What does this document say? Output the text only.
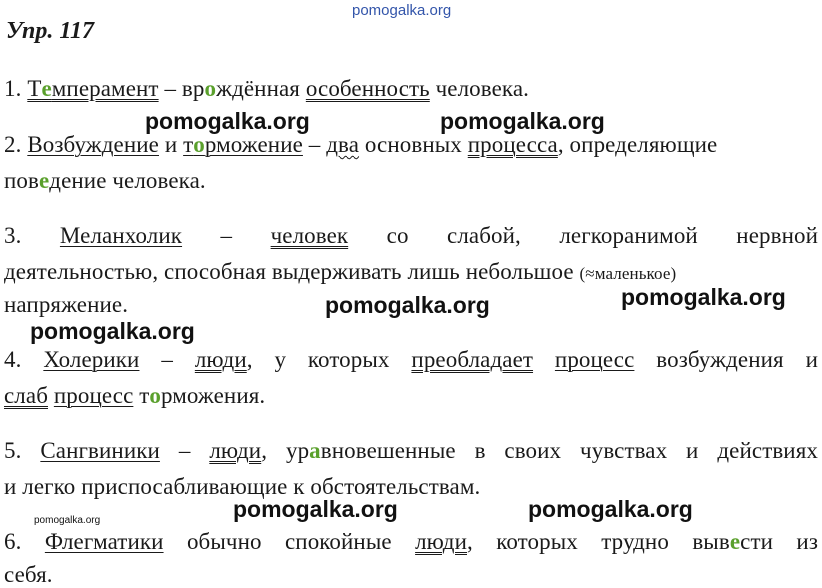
pomogalka.org
Упр. 117
1. Темперамент – врождённая особенность человека.
pomogalka.org	pomogalka.org
2. Возбуждение и торможение – два основных процесса, определяющие
поведение человека.
3. Меланхолик – человек со слабой, легкоранимой нервной
деятельностью, способная выдерживать лишь небольшое (≈маленькое)
напряжение.	pomogalka.org	pomogalka.org
pomogalka.org
4. Холерики – люди, у которых преобладает процесс возбуждения и
слаб процесс торможения.
5. Сангвиники – люди, уравновешенные в своих чувствах и действиях
и легко приспосабливающие к обстоятельствам.
pomogalka.org	pomogalka.org
pomogalka.org
6. Флегматики обычно спокойные люди, которых трудно вывести из
себя.
